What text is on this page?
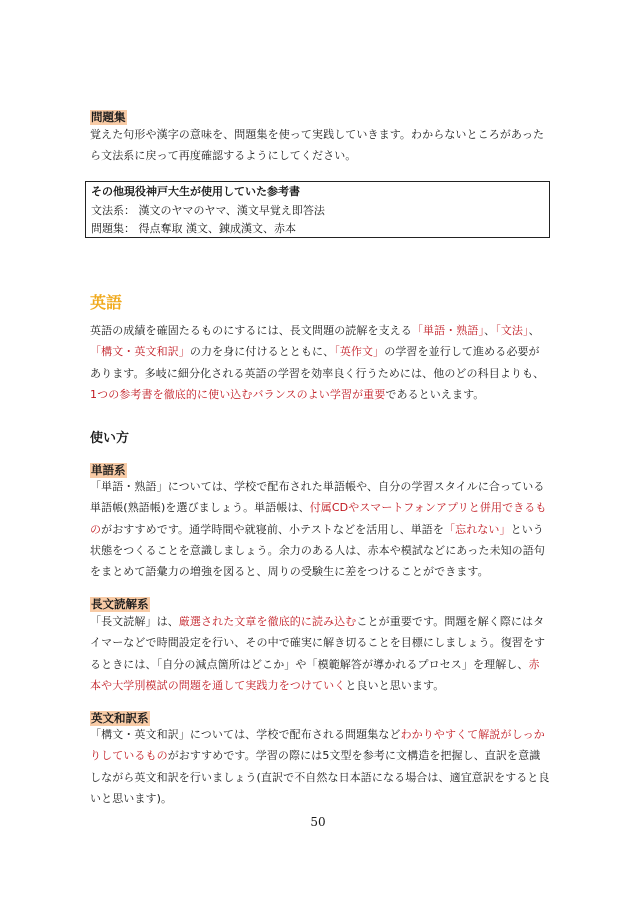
問題集

覚えた句形や漢字の意味を、問題集を使って実践していきます。わからないところがあったら文法系に戻って再度確認するようにしてください。

その他現役神戸大生が使用していた参考書
文法系： 漢文のヤマのヤマ、漢文早覚え即答法
問題集： 得点奪取 漢文、錬成漢文、赤本
英語

英語の成績を確固たるものにするには、長文問題の読解を支える「単語・熟語」、「文法」、「構文・英文和訳」の力を身に付けるとともに、「英作文」の学習を並行して進める必要があります。多岐に細分化される英語の学習を効率良く行うためには、他のどの科目よりも、1つの参考書を徹底的に使い込むバランスのよい学習が重要であるといえます。

使い方
単語系

「単語・熟語」については、学校で配布された単語帳や、自分の学習スタイルに合っている単語帳(熟語帳)を選びましょう。単語帳は、付属CDやスマートフォンアプリと併用できるものがおすすめです。通学時間や就寝前、小テストなどを活用し、単語を「忘れない」という状態をつくることを意識しましょう。余力のある人は、赤本や模試などにあった未知の語句をまとめて語彙力の増強を図ると、周りの受験生に差をつけることができます。

長文読解系

「長文読解」は、厳選された文章を徹底的に読み込むことが重要です。問題を解く際にはタイマーなどで時間設定を行い、その中で確実に解き切ることを目標にしましょう。復習をするときには、「自分の減点箇所はどこか」や「模範解答が導かれるプロセス」を理解し、赤本や大学別模試の問題を通して実践力をつけていくと良いと思います。

英文和訳系

「構文・英文和訳」については、学校で配布される問題集などわかりやすくて解説がしっかりしているものがおすすめです。学習の際には5文型を参考に文構造を把握し、直訳を意識しながら英文和訳を行いましょう(直訳で不自然な日本語になる場合は、適宜意訳をすると良いと思います)。

50
